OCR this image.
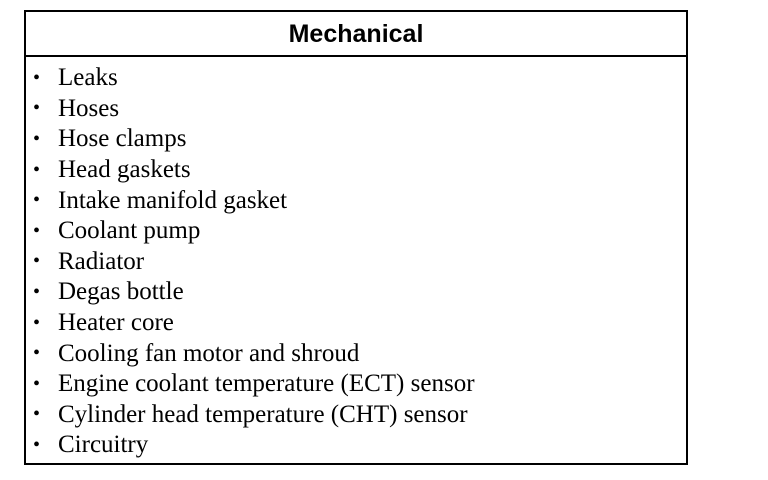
Mechanical
• Leaks
• Hoses
• Hose clamps
• Head gaskets
• Intake manifold gasket
• Coolant pump
• Radiator
• Degas bottle
• Heater core
• Cooling fan motor and shroud
• Engine coolant temperature (ECT) sensor
• Cylinder head temperature (CHT) sensor
• Circuitry
